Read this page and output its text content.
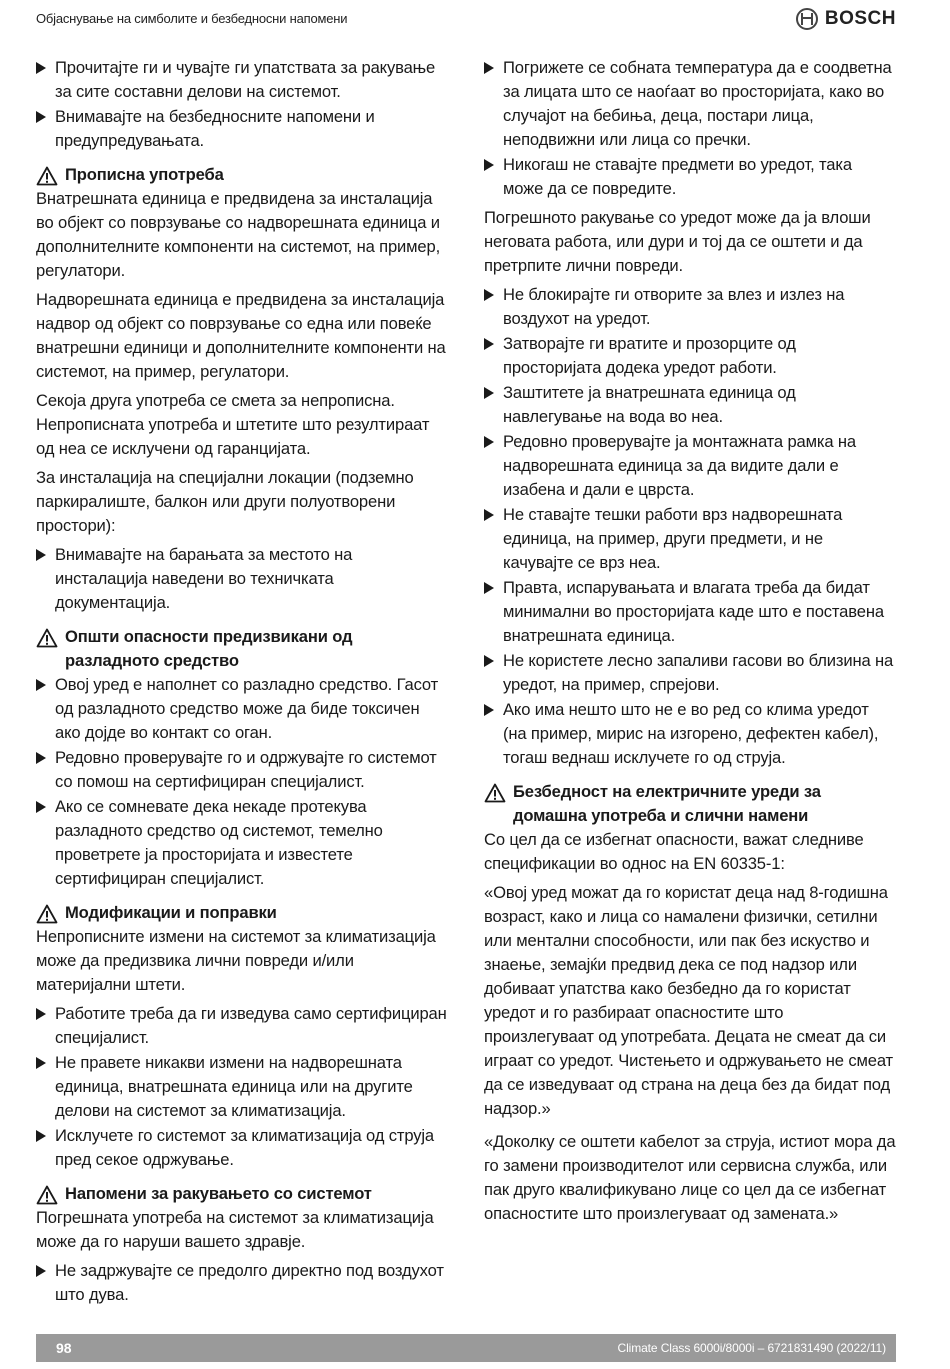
Објаснување на симболите и безбедносни напомени	BOSCH
Прочитајте ги и чувајте ги упатствата за ракување за сите составни делови на системот.
Внимавајте на безбедносните напомени и предупредувањата.
Прописна употреба

Внатрешната единица е предвидена за инсталација во објект со поврзување со надворешната единица и дополнителните компоненти на системот, на пример, регулатори.

Надворешната единица е предвидена за инсталација надвор од објект со поврзување со една или повеќе внатрешни единици и дополнителните компоненти на системот, на пример, регулатори.

Секоја друга употреба се смета за непрописна. Непрописната употреба и штетите што резултираат од неа се исклучени од гаранцијата.

За инсталација на специјални локации (подземно паркиралиште, балкон или други полуотворени простори):

Внимавајте на барањата за местото на инсталација наведени во техничката документација.
Општи опасности предизвикани од разладното средство
Овој уред е наполнет со разладно средство. Гасот од разладното средство може да биде токсичен ако дојде во контакт со оган.
Редовно проверувајте го и одржувајте го системот со помош на сертифициран специјалист.
Ако се сомневате дека некаде протекува разладното средство од системот, темелно проветрете ја просторијата и известете сертифициран специјалист.
Модификации и поправки

Непрописните измени на системот за климатизација може да предизвика лични повреди и/или материјални штети.

Работите треба да ги изведува само сертифициран специјалист.
Не правете никакви измени на надворешната единица, внатрешната единица или на другите делови на системот за климатизација.
Исклучете го системот за климатизација од струја пред секое одржување.
Напомени за ракувањето со системот

Погрешната употреба на системот за климатизација може да го наруши вашето здравје.

Не задржувајте се предолго директно под воздухот што дува.
Погрижете се собната температура да е соодветна за лицата што се наоѓаат во просторијата, како во случајот на бебиња, деца, постари лица, неподвижни или лица со пречки.
Никогаш не ставајте предмети во уредот, така може да се повредите.

Погрешното ракување со уредот може да ја влоши неговата работа, или дури и тој да се оштети и да претрпите лични повреди.

Не блокирајте ги отворите за влез и излез на воздухот на уредот.
Затворајте ги вратите и прозорците од просторијата додека уредот работи.
Заштитете ја внатрешната единица од навлегување на вода во неа.
Редовно проверувајте ја монтажната рамка на надворешната единица за да видите дали е изабена и дали е цврста.
Не ставајте тешки работи врз надворешната единица, на пример, други предмети, и не качувајте се врз неа.
Правта, испарувањата и влагата треба да бидат минимални во просторијата каде што е поставена внатрешната единица.
Не користете лесно запаливи гасови во близина на уредот, на пример, спрејови.
Ако има нешто што не е во ред со клима уредот (на пример, мирис на изгорено, дефектен кабел), тогаш веднаш исклучете го од струја.
Безбедност на електричните уреди за домашна употреба и слични намени

Со цел да се избегнат опасности, важат следниве спецификации во однос на EN 60335-1:

«Овој уред можат да го користат деца над 8-годишна возраст, како и лица со намалени физички, сетилни или ментални способности, или пак без искуство и знаење, земајќи предвид дека се под надзор или добиваат упатства како безбедно да го користат уредот и го разбираат опасностите што произлегуваат од употребата. Децата не смеат да си играат со уредот. Чистењето и одржувањето не смеат да се изведуваат од страна на деца без да бидат под надзор.»

«Доколку се оштети кабелот за струја, истиот мора да го замени производителот или сервисна служба, или пак друго квалификувано лице со цел да се избегнат опасностите што произлегуваат од замената.»

98	Climate Class 6000i/8000i – 6721831490 (2022/11)
